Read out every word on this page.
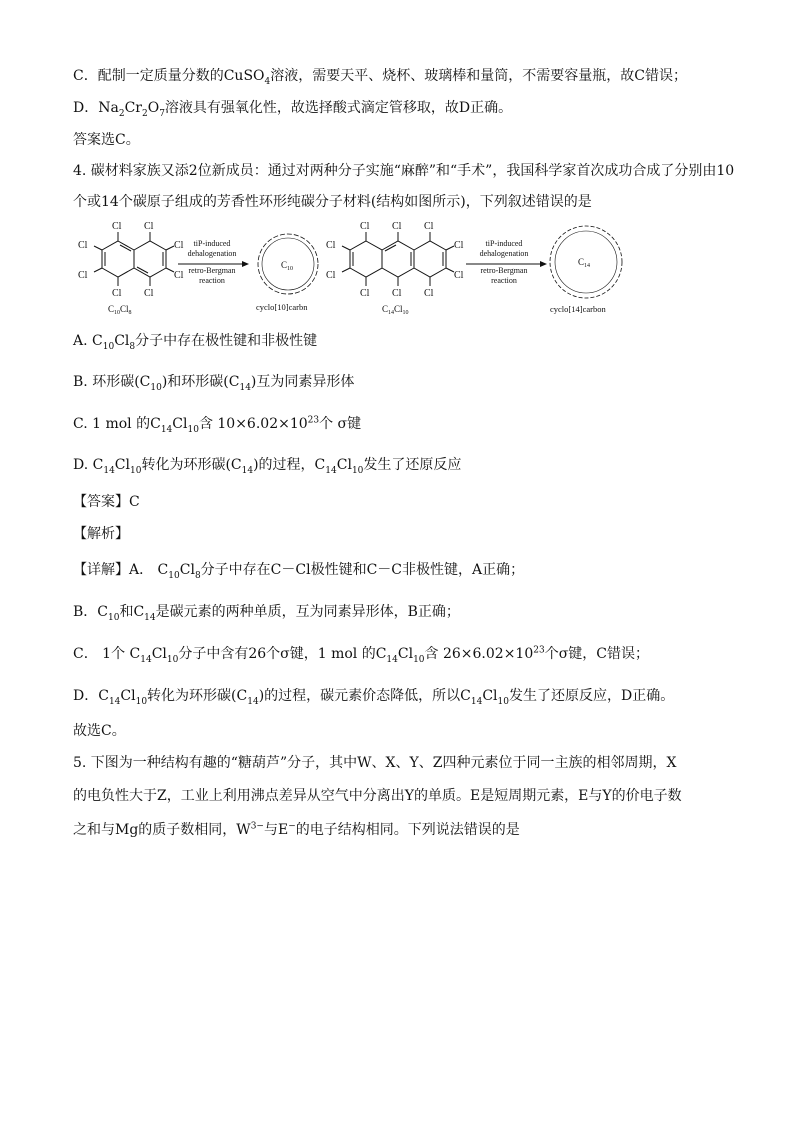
C．配制一定质量分数的CuSO$_4$溶液，需要天平、烧杯、玻璃棒和量筒，不需要容量瓶，故C错误；
D．$Na_2Cr_2O_7$溶液具有强氧化性，故选择酸式滴定管移取，故D正确。
答案选C。
4. 碳材料家族又添2位新成员：通过对两种分子实施“麻醉”和“手术”，我国科学家首次成功合成了分别由10
个或14个碳原子组成的芳香性环形纯碳分子材料(结构如图所示)，下列叙述错误的是
Cl Cl
Cl
Cl
Cl
Cl
Cl Cl
$C_{10}Cl_8$
tiP-induced
dehalogenation
retro-Bergman
reaction
$C_{10}$
cyclo[10]carbn
Cl Cl Cl
Cl
Cl
Cl
Cl
Cl Cl Cl
$C_{14}Cl_{10}$
tiP-induced
dehalogenation
retro-Bergman
reaction
$C_{14}$
cyclo[14]carbon
A. $C_{10}Cl_8$分子中存在极性键和非极性键
B. 环形碳$(C_{10})$和环形碳$(C_{14})$互为同素异形体
C. 1 mol 的$C_{14}Cl_{10}$含 $10\times 6.02\times 10^{23}$个 σ键
D. $C_{14}Cl_{10}$转化为环形碳$(C_{14})$的过程，$C_{14}Cl_{10}$发生了还原反应
【答案】C
【解析】
【详解】A． $C_{10}Cl_8$分子中存在C－Cl极性键和C－C非极性键，A正确；
B．$C_{10}$和$C_{14}$是碳元素的两种单质，互为同素异形体，B正确；
C． 1个 $C_{14}Cl_{10}$分子中含有26个σ键，1 mol 的$C_{14}Cl_{10}$含 $26\times 6.02\times 10^{23}$个σ键，C错误；
D．$C_{14}Cl_{10}$转化为环形碳$(C_{14})$的过程，碳元素价态降低，所以$C_{14}Cl_{10}$发生了还原反应，D正确。
故选C。
5. 下图为一种结构有趣的“糖葫芦”分子，其中W、X、Y、Z四种元素位于同一主族的相邻周期，X
的电负性大于Z，工业上利用沸点差异从空气中分离出Y的单质。E是短周期元素，E与Y的价电子数
之和与Mg的质子数相同，$W^{3-}$与E−的电子结构相同。下列说法错误的是
